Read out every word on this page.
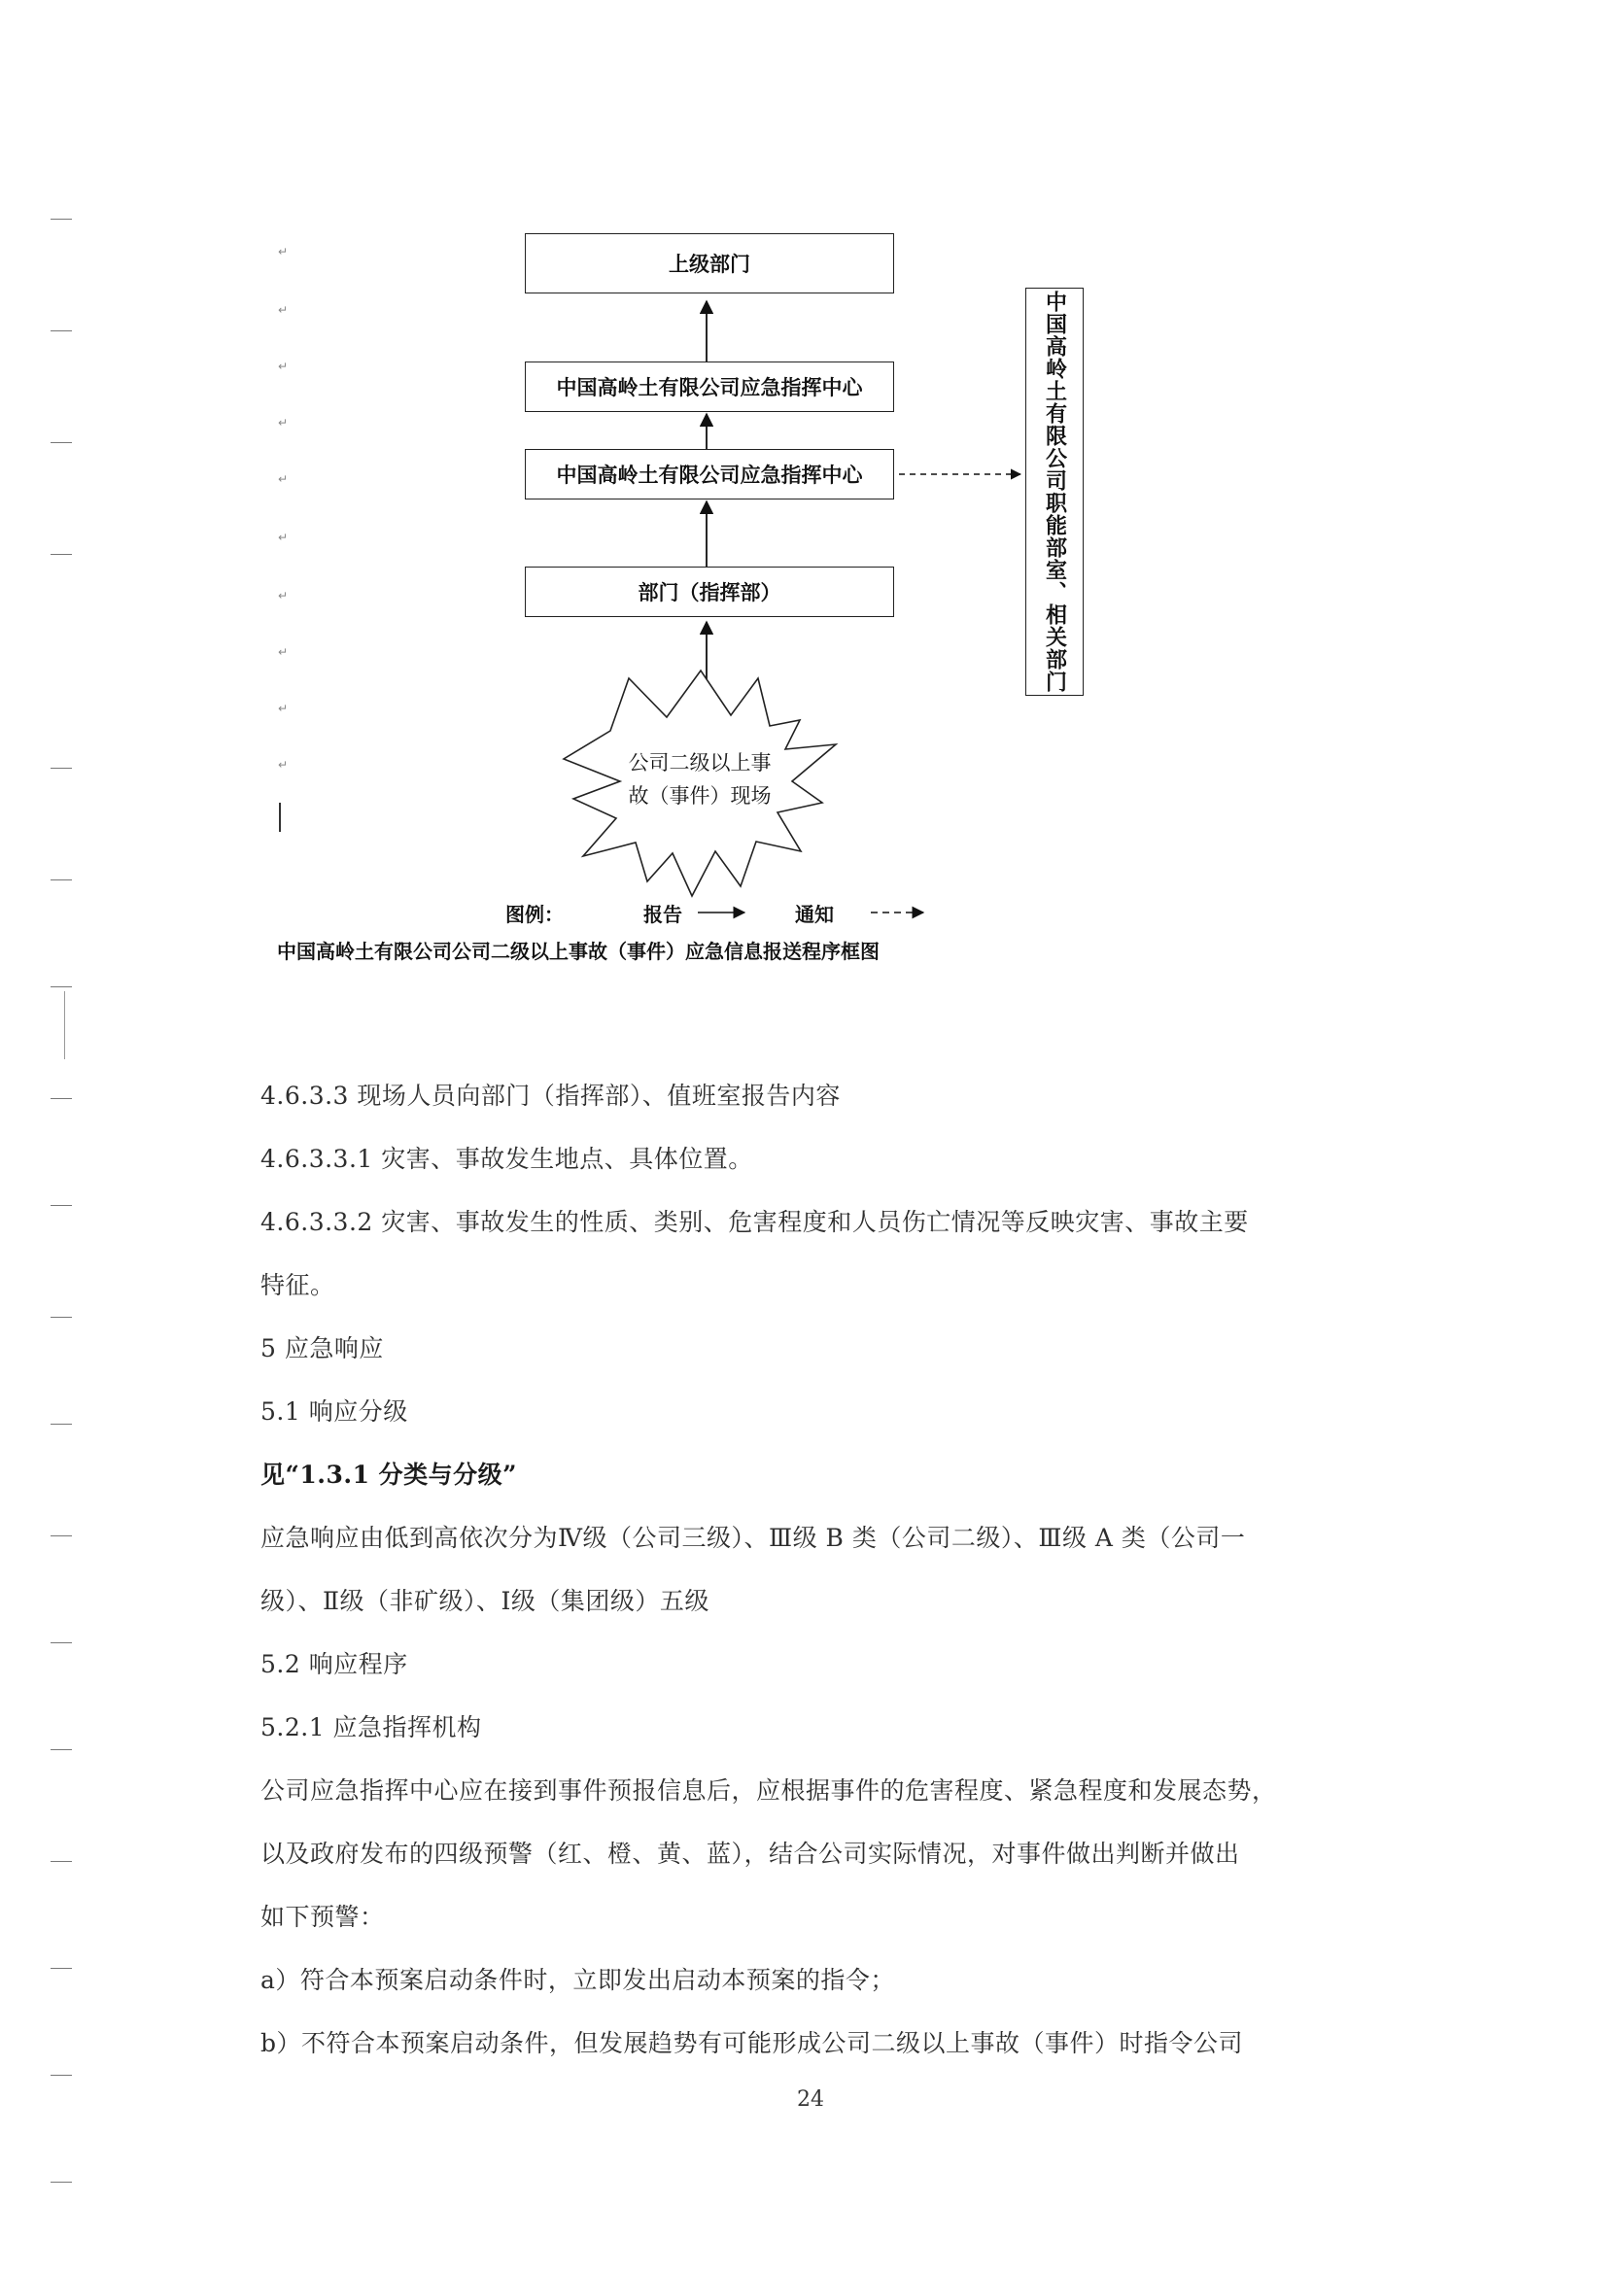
↵
↵
↵
↵
↵
↵
↵
↵
↵
↵
上级部门
中国高岭土有限公司应急指挥中心
中国高岭土有限公司应急指挥中心
部门（指挥部）	中国高岭土有限公司职能部室、相关部门
公司二级以上事故（事件）现场
图例：	报告	通知
中国高岭土有限公司公司二级以上事故（事件）应急信息报送程序框图
4.6.3.3 现场人员向部门（指挥部）、值班室报告内容
4.6.3.3.1 灾害、事故发生地点、具体位置。
4.6.3.3.2 灾害、事故发生的性质、类别、危害程度和人员伤亡情况等反映灾害、事故主要
特征。
5 应急响应
5.1 响应分级
见“1.3.1 分类与分级”
应急响应由低到高依次分为Ⅳ级（公司三级）、Ⅲ级 B 类（公司二级）、Ⅲ级 A 类（公司一
级）、Ⅱ级（非矿级）、Ⅰ级（集团级）五级
5.2 响应程序
5.2.1 应急指挥机构
公司应急指挥中心应在接到事件预报信息后，应根据事件的危害程度、紧急程度和发展态势，
以及政府发布的四级预警（红、橙、黄、蓝），结合公司实际情况，对事件做出判断并做出
如下预警：
a）符合本预案启动条件时，立即发出启动本预案的指令；
b）不符合本预案启动条件，但发展趋势有可能形成公司二级以上事故（事件）时指令公司
24
